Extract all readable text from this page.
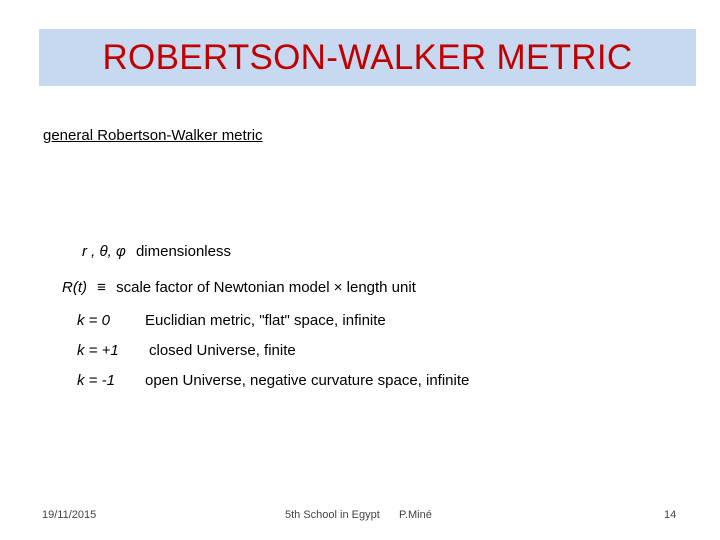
ROBERTSON-WALKER METRIC
general Robertson-Walker metric
r , θ, φ dimensionless
R(t) ≡ scale factor of Newtonian model × length unit
k = 0 Euclidian metric, "flat" space, infinite
k = +1 closed Universe, finite
k = -1 open Universe, negative curvature space, infinite
19/11/2015	5th School in Egypt P.Miné	14
